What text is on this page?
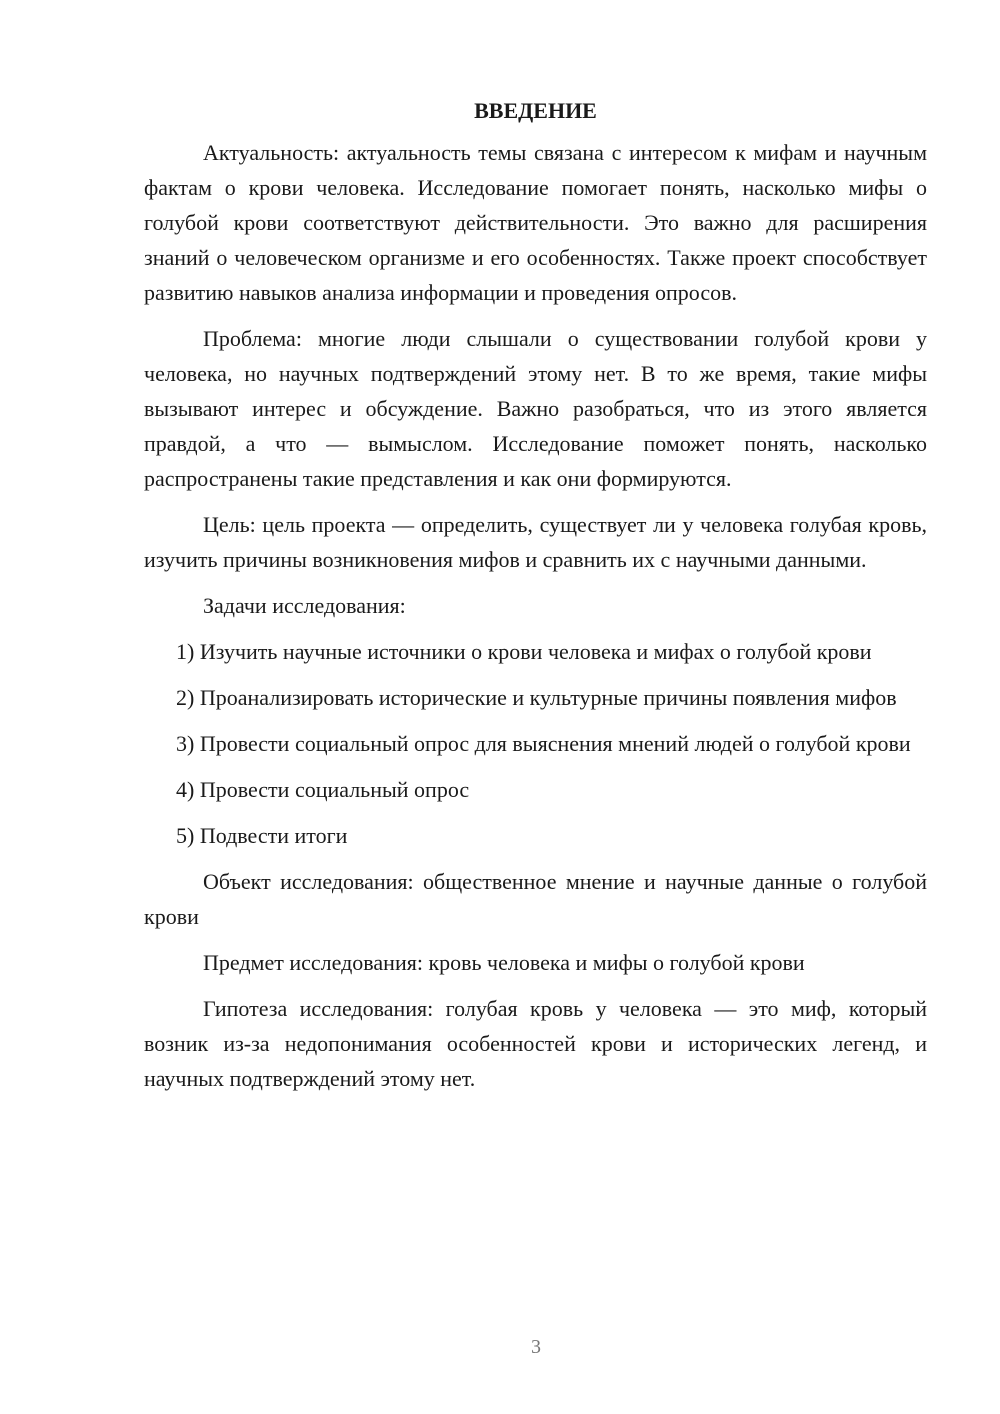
ВВЕДЕНИЕ

Актуальность: актуальность темы связана с интересом к мифам и научным фактам о крови человека. Исследование помогает понять, насколько мифы о голубой крови соответствуют действительности. Это важно для расширения знаний о человеческом организме и его особенностях. Также проект способствует развитию навыков анализа информации и проведения опросов.

Проблема: многие люди слышали о существовании голубой крови у человека, но научных подтверждений этому нет. В то же время, такие мифы вызывают интерес и обсуждение. Важно разобраться, что из этого является правдой, а что — вымыслом. Исследование поможет понять, насколько распространены такие представления и как они формируются.

Цель: цель проекта — определить, существует ли у человека голубая кровь, изучить причины возникновения мифов и сравнить их с научными данными.

Задачи исследования:

1) Изучить научные источники о крови человека и мифах о голубой крови

2) Проанализировать исторические и культурные причины появления мифов

3) Провести социальный опрос для выяснения мнений людей о голубой крови

4) Провести социальный опрос

5) Подвести итоги

Объект исследования: общественное мнение и научные данные о голубой крови

Предмет исследования: кровь человека и мифы о голубой крови

Гипотеза исследования: голубая кровь у человека — это миф, который возник из-за недопонимания особенностей крови и исторических легенд, и научных подтверждений этому нет.

3
